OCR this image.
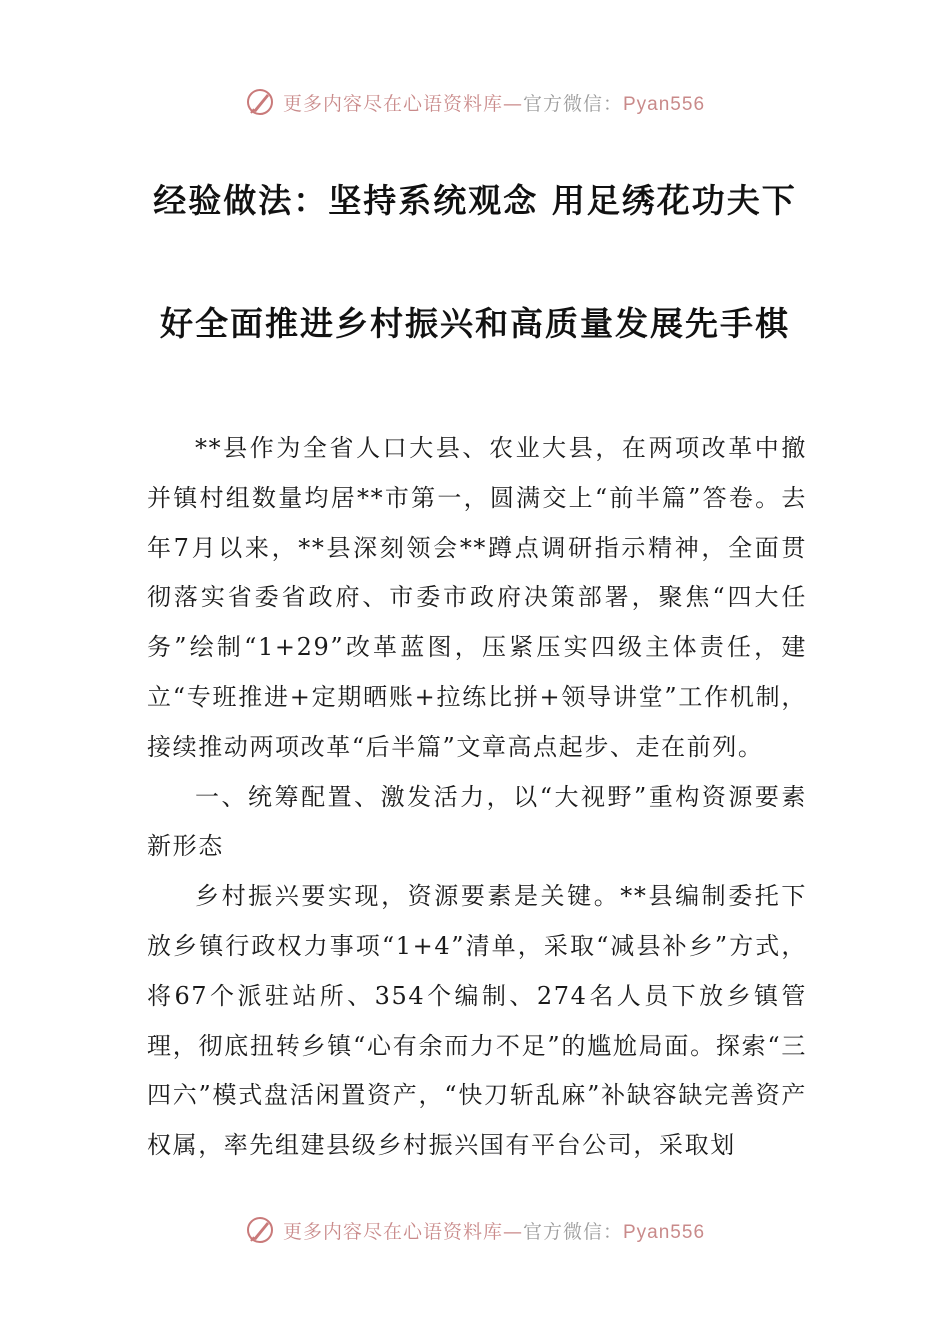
更多内容尽在心语资料库—官方微信：Pyan556
经验做法：坚持系统观念 用足绣花功夫下
好全面推进乡村振兴和高质量发展先手棋

**县作为全省人口大县、农业大县，在两项改革中撤并镇村组数量均居**市第一，圆满交上“前半篇”答卷。去年7月以来，**县深刻领会**蹲点调研指示精神，全面贯彻落实省委省政府、市委市政府决策部署，聚焦“四大任务”绘制“1+29”改革蓝图，压紧压实四级主体责任，建立“专班推进+定期晒账+拉练比拼+领导讲堂”工作机制，接续推动两项改革“后半篇”文章高点起步、走在前列。

一、统筹配置、激发活力，以“大视野”重构资源要素新形态

乡村振兴要实现，资源要素是关键。**县编制委托下放乡镇行政权力事项“1+4”清单，采取“减县补乡”方式，将67个派驻站所、354个编制、274名人员下放乡镇管理，彻底扭转乡镇“心有余而力不足”的尴尬局面。探索“三四六”模式盘活闲置资产，“快刀斩乱麻”补缺容缺完善资产权属，率先组建县级乡村振兴国有平台公司，采取划

更多内容尽在心语资料库—官方微信：Pyan556
